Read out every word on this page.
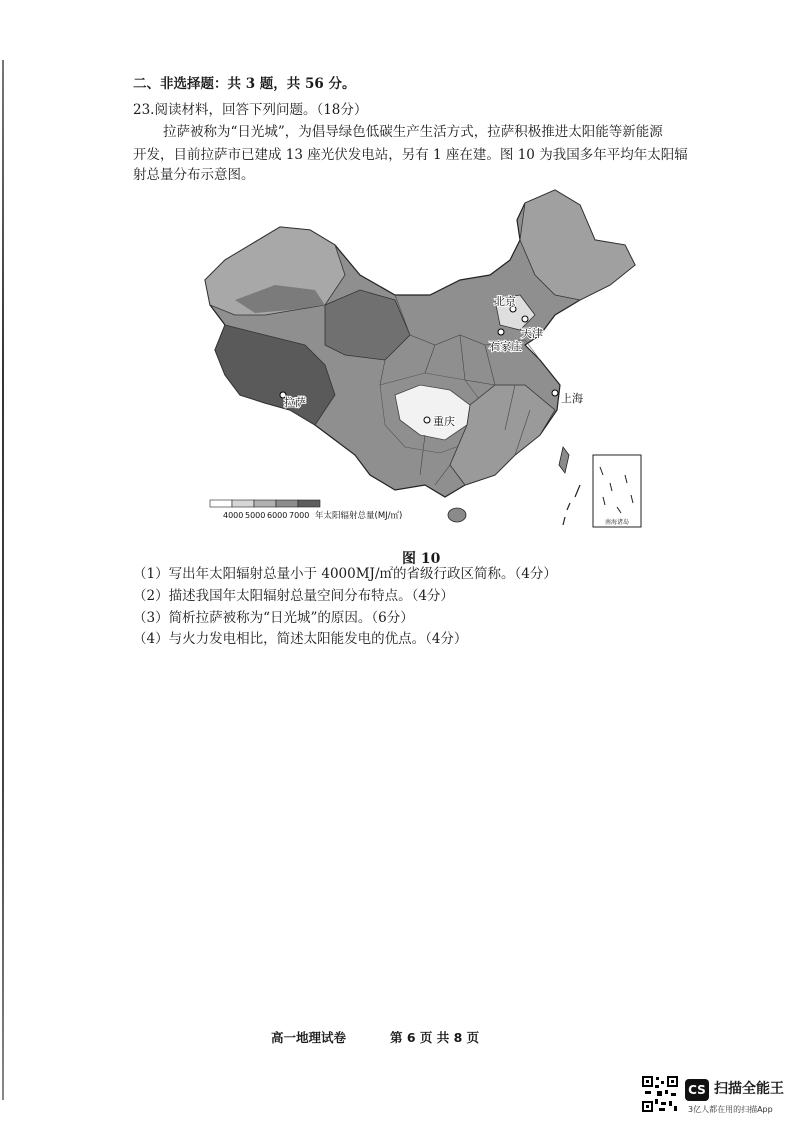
二、非选择题：共 3 题，共 56 分。
23.阅读材料，回答下列问题。（18分）
拉萨被称为“日光城”，为倡导绿色低碳生产生活方式，拉萨积极推进太阳能等新能源
开发，目前拉萨市已建成 13 座光伏发电站，另有 1 座在建。图 10 为我国多年平均年太阳辐
射总量分布示意图。
南海诸岛
北京
天津
石家庄
上海
拉萨
重庆
4000 5000 6000 7000 年太阳辐射总量(MJ/㎡)
图 10
（1）写出年太阳辐射总量小于 4000MJ/㎡的省级行政区简称。（4分）
（2）描述我国年太阳辐射总量空间分布特点。（4分）
（3）简析拉萨被称为“日光城”的原因。（6分）
（4）与火力发电相比，简述太阳能发电的优点。（4分）
高一地理试卷	第 6 页 共 8 页
CS 扫描全能王
3亿人都在用的扫描App
